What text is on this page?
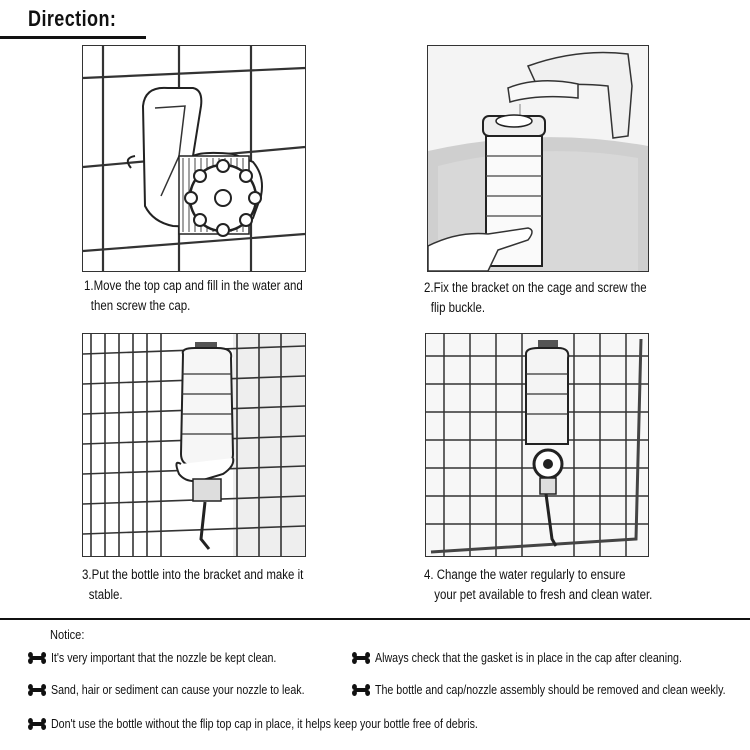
Direction:
1.Move the top cap and fill in the water and
then screw the cap.
2.Fix the bracket on the cage and screw the
flip buckle.
3.Put the bottle into the bracket and make it
stable.
4. Change the water regularly to ensure
your pet available to fresh and clean water.
Notice:
It's very important that the nozzle be kept clean.	Always check that the gasket is in place in the cap after cleaning.
Sand, hair or sediment can cause your nozzle to leak.	The bottle and cap/nozzle assembly should be removed and clean weekly.
Don't use the bottle without the flip top cap in place, it helps keep your bottle free of debris.
